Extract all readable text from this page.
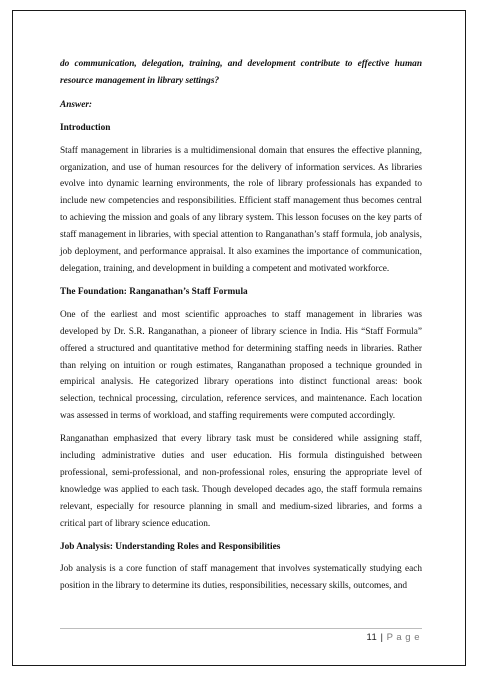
do communication, delegation, training, and development contribute to effective human resource management in library settings?

Answer:

Introduction

Staff management in libraries is a multidimensional domain that ensures the effective planning, organization, and use of human resources for the delivery of information services. As libraries evolve into dynamic learning environments, the role of library professionals has expanded to include new competencies and responsibilities. Efficient staff management thus becomes central to achieving the mission and goals of any library system. This lesson focuses on the key parts of staff management in libraries, with special attention to Ranganathan’s staff formula, job analysis, job deployment, and performance appraisal. It also examines the importance of communication, delegation, training, and development in building a competent and motivated workforce.

The Foundation: Ranganathan’s Staff Formula

One of the earliest and most scientific approaches to staff management in libraries was developed by Dr. S.R. Ranganathan, a pioneer of library science in India. His “Staff Formula” offered a structured and quantitative method for determining staffing needs in libraries. Rather than relying on intuition or rough estimates, Ranganathan proposed a technique grounded in empirical analysis. He categorized library operations into distinct functional areas: book selection, technical processing, circulation, reference services, and maintenance. Each location was assessed in terms of workload, and staffing requirements were computed accordingly.

Ranganathan emphasized that every library task must be considered while assigning staff, including administrative duties and user education. His formula distinguished between professional, semi-professional, and non-professional roles, ensuring the appropriate level of knowledge was applied to each task. Though developed decades ago, the staff formula remains relevant, especially for resource planning in small and medium-sized libraries, and forms a critical part of library science education.

Job Analysis: Understanding Roles and Responsibilities

Job analysis is a core function of staff management that involves systematically studying each position in the library to determine its duties, responsibilities, necessary skills, outcomes, and

11 | P a g e
